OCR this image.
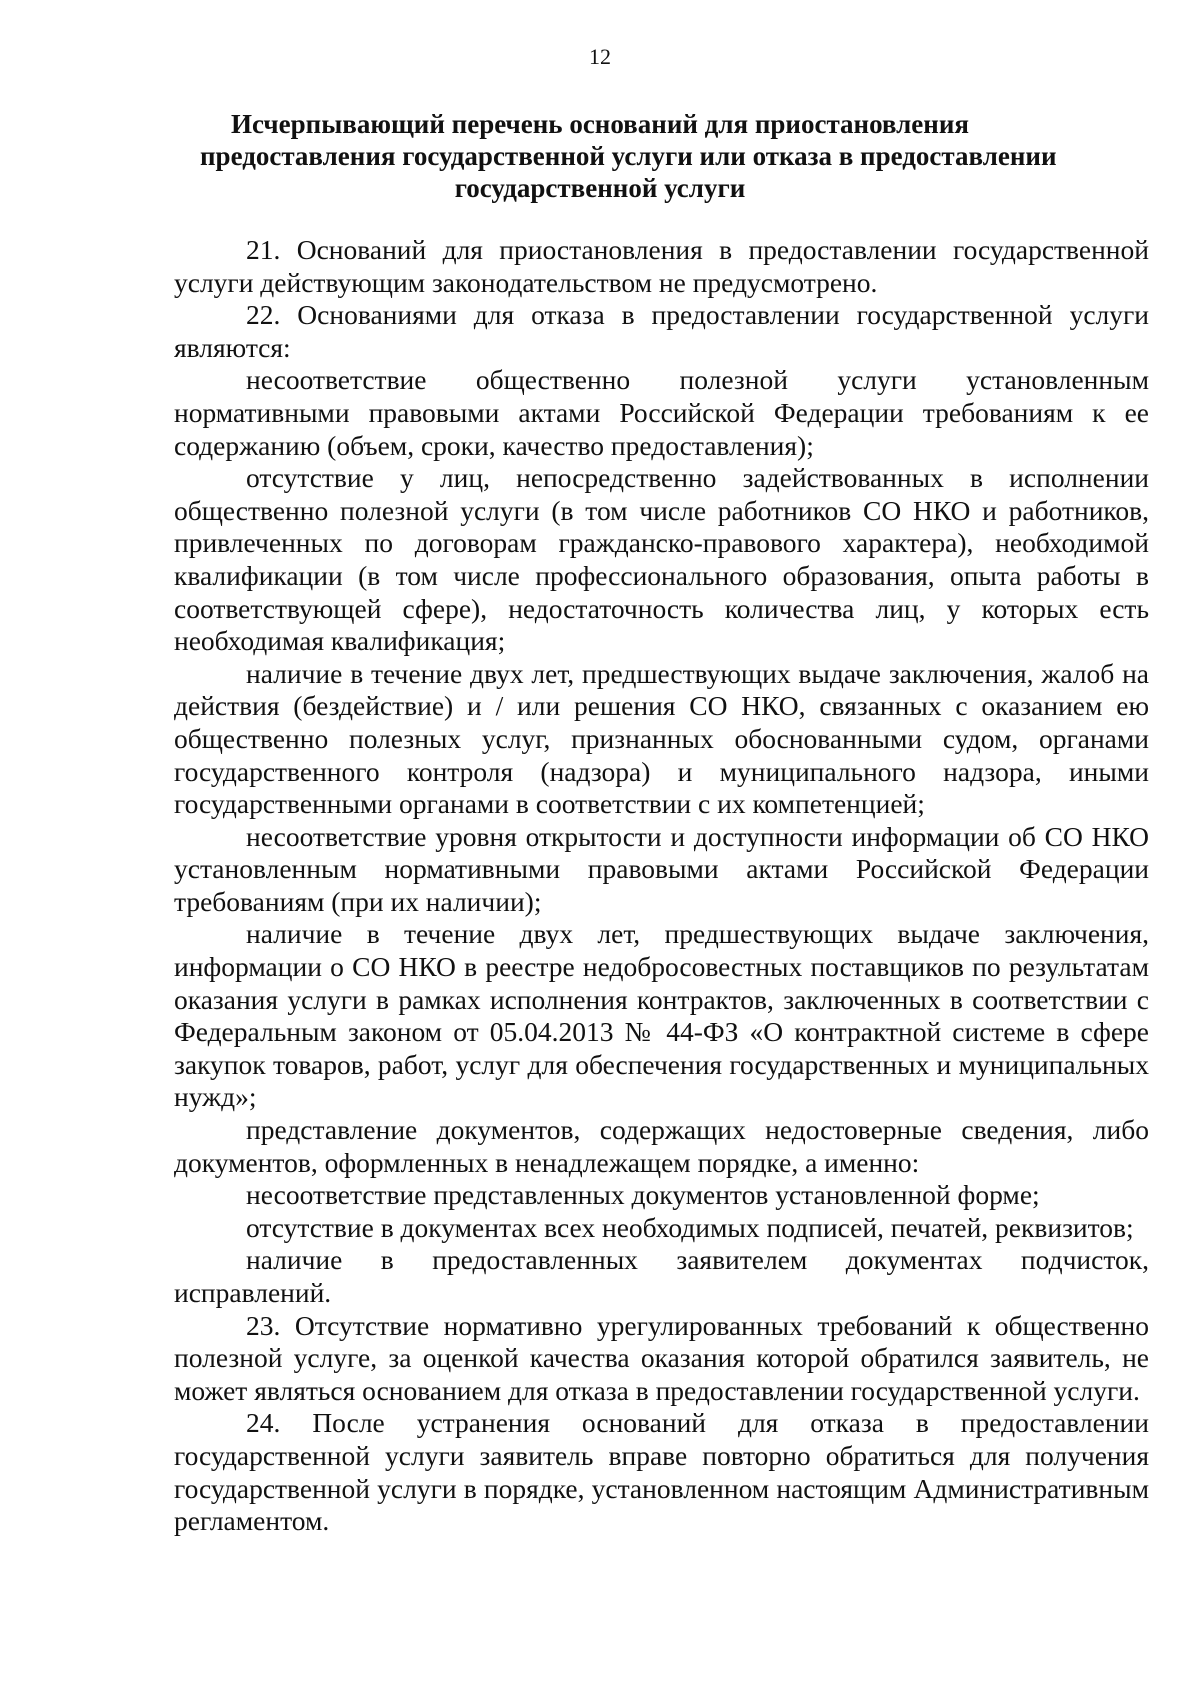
12
Исчерпывающий перечень оснований для приостановления
предоставления государственной услуги или отказа в предоставлении
государственной услуги

21. Оснований для приостановления в предоставлении государственной услуги действующим законодательством не предусмотрено.

22. Основаниями для отказа в предоставлении государственной услуги являются:

несоответствие общественно полезной услуги установленным нормативными правовыми актами Российской Федерации требованиям к ее содержанию (объем, сроки, качество предоставления);

отсутствие у лиц, непосредственно задействованных в исполнении общественно полезной услуги (в том числе работников СО НКО и работников, привлеченных по договорам гражданско-правового характера), необходимой квалификации (в том числе профессионального образования, опыта работы в соответствующей сфере), недостаточность количества лиц, у которых есть необходимая квалификация;

наличие в течение двух лет, предшествующих выдаче заключения, жалоб на действия (бездействие) и / или решения СО НКО, связанных с оказанием ею общественно полезных услуг, признанных обоснованными судом, органами государственного контроля (надзора) и муниципального надзора, иными государственными органами в соответствии с их компетенцией;

несоответствие уровня открытости и доступности информации об СО НКО установленным нормативными правовыми актами Российской Федерации требованиям (при их наличии);

наличие в течение двух лет, предшествующих выдаче заключения, информации о СО НКО в реестре недобросовестных поставщиков по результатам оказания услуги в рамках исполнения контрактов, заключенных в соответствии с Федеральным законом от 05.04.2013 № 44-ФЗ «О контрактной системе в сфере закупок товаров, работ, услуг для обеспечения государственных и муниципальных нужд»;

представление документов, содержащих недостоверные сведения, либо документов, оформленных в ненадлежащем порядке, а именно:

несоответствие представленных документов установленной форме;

отсутствие в документах всех необходимых подписей, печатей, реквизитов;

наличие в предоставленных заявителем документах подчисток, исправлений.

23. Отсутствие нормативно урегулированных требований к общественно полезной услуге, за оценкой качества оказания которой обратился заявитель, не может являться основанием для отказа в предоставлении государственной услуги.

24. После устранения оснований для отказа в предоставлении государственной услуги заявитель вправе повторно обратиться для получения государственной услуги в порядке, установленном настоящим Административным регламентом.
